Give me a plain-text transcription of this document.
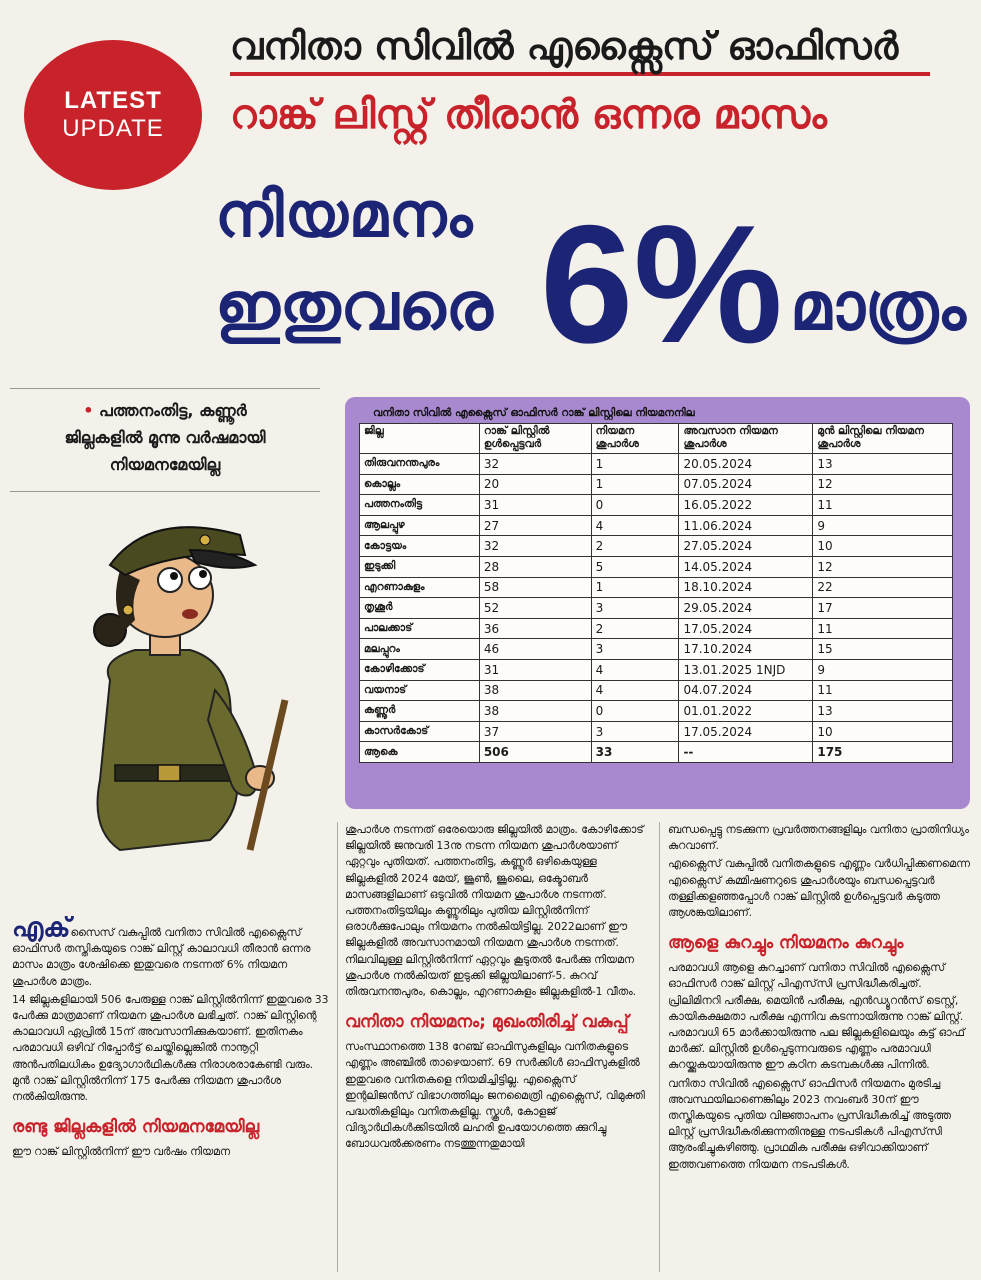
LATEST
UPDATE
വനിതാ സിവിൽ എക്സൈസ് ഓഫിസർ
റാങ്ക് ലിസ്റ്റ് തീരാൻ ഒന്നര മാസം
നിയമനം
ഇതുവരെ 6% മാത്രം
• പത്തനംതിട്ട, കണ്ണൂർ
ജില്ലകളിൽ മൂന്നു വർഷമായി
നിയമനമേയില്ല
വനിതാ സിവിൽ എക്സൈസ് ഓഫിസർ റാങ്ക് ലിസ്റ്റിലെ നിയമനനില
ജില്ല	റാങ്ക് ലിസ്റ്റിൽ ഉൾപ്പെട്ടവർ	നിയമന ശുപാർശ	അവസാന നിയമന ശുപാർശ	മുൻ ലിസ്റ്റിലെ നിയമന ശുപാർശ
തിരുവനന്തപുരം	32	1	20.05.2024	13
കൊല്ലം	20	1	07.05.2024	12
പത്തനംതിട്ട	31	0	16.05.2022	11
ആലപ്പുഴ	27	4	11.06.2024	9
കോട്ടയം	32	2	27.05.2024	10
ഇടുക്കി	28	5	14.05.2024	12
എറണാകുളം	58	1	18.10.2024	22
തൃശൂർ	52	3	29.05.2024	17
പാലക്കാട്	36	2	17.05.2024	11
മലപ്പുറം	46	3	17.10.2024	15
കോഴിക്കോട്	31	4	13.01.2025 1NJD	9
വയനാട്	38	4	04.07.2024	11
കണ്ണൂർ	38	0	01.01.2022	13
കാസർകോട്	37	3	17.05.2024	10
ആകെ	506	33	--	175

എക്സൈസ് വകുപ്പിൽ വനിതാ സിവിൽ എക്സൈസ് ഓഫിസർ തസ്തികയുടെ റാങ്ക് ലിസ്റ്റ് കാലാവധി തീരാൻ ഒന്നര മാസം മാത്രം ശേഷിക്കെ ഇതുവരെ നടന്നത് 6% നിയമന ശുപാർശ മാത്രം.

14 ജില്ലകളിലായി 506 പേരുള്ള റാങ്ക് ലിസ്റ്റിൽനിന്ന് ഇതുവരെ 33 പേർക്കു മാത്രമാണ് നിയമന ശുപാർശ ലഭിച്ചത്. റാങ്ക് ലിസ്റ്റിന്റെ കാലാവധി ഏപ്രിൽ 15ന് അവസാനിക്കുകയാണ്. ഇതിനകം പരമാവധി ഒഴിവ് റിപ്പോർട്ട് ചെയ്തില്ലെങ്കിൽ നാനൂറ്റി അൻപതിലധികം ഉദ്യോഗാർഥികൾക്കു നിരാശരാകേണ്ടി വരും. മുൻ റാങ്ക് ലിസ്റ്റിൽനിന്ന് 175 പേർക്കു നിയമന ശുപാർശ നൽകിയിരുന്നു.

രണ്ടു ജില്ലകളിൽ നിയമനമേയില്ല

ഈ റാങ്ക് ലിസ്റ്റിൽനിന്ന് ഈ വർഷം നിയമന

ശുപാർശ നടന്നത് ഒരേയൊരു ജില്ലയിൽ മാത്രം. കോഴിക്കോട് ജില്ലയിൽ ജനുവരി 13നു നടന്ന നിയമന ശുപാർശയാണ് ഏറ്റവും പുതിയത്. പത്തനംതിട്ട, കണ്ണൂർ ഒഴികെയുള്ള ജില്ലകളിൽ 2024 മേയ്, ജൂൺ, ജൂലൈ, ഒക്ടോബർ മാസങ്ങളിലാണ് ഒടുവിൽ നിയമന ശുപാർശ നടന്നത്. പത്തനംതിട്ടയിലും കണ്ണൂരിലും പുതിയ ലിസ്റ്റിൽനിന്ന് ഒരാൾക്കുപോലും നിയമനം നൽകിയിട്ടില്ല. 2022ലാണ് ഈ ജില്ലകളിൽ അവസാനമായി നിയമന ശുപാർശ നടന്നത്. നിലവിലുള്ള ലിസ്റ്റിൽനിന്ന് ഏറ്റവും കൂടുതൽ പേർക്കു നിയമന ശുപാർശ നൽകിയത് ഇടുക്കി ജില്ലയിലാണ്-5. കുറവ് തിരുവനന്തപുരം, കൊല്ലം, എറണാകുളം ജില്ലകളിൽ-1 വീതം.

വനിതാ നിയമനം; മുഖംതിരിച്ച് വകുപ്പ്

സംസ്ഥാനത്തെ 138 റേഞ്ച് ഓഫിസുകളിലും വനിതകളുടെ എണ്ണം അഞ്ചിൽ താഴെയാണ്. 69 സർക്കിൾ ഓഫിസുകളിൽ ഇതുവരെ വനിതകളെ നിയമിച്ചിട്ടില്ല. എക്സൈസ് ഇന്റലിജൻസ് വിഭാഗത്തിലും ജനമൈത്രി എക്സൈസ്, വിമുക്തി പദ്ധതികളിലും വനിതകളില്ല. സ്കൂൾ, കോളജ് വിദ്യാർഥികൾക്കിടയിൽ ലഹരി ഉപയോഗത്തെ ക്കുറിച്ചു ബോധവൽക്കരണം നടത്തുന്നതുമായി

ബന്ധപ്പെട്ടു നടക്കുന്ന പ്രവർത്തനങ്ങളിലും വനിതാ പ്രാതിനിധ്യം കുറവാണ്.

എക്സൈസ് വകുപ്പിൽ വനിതകളുടെ എണ്ണം വർധിപ്പിക്കണമെന്ന എക്സൈസ് കമ്മിഷണറുടെ ശുപാർശയും ബന്ധപ്പെട്ടവർ തള്ളിക്കളഞ്ഞപ്പോൾ റാങ്ക് ലിസ്റ്റിൽ ഉൾപ്പെട്ടവർ കടുത്ത ആശങ്കയിലാണ്.

ആളെ കുറച്ചും നിയമനം കുറച്ചും

പരമാവധി ആളെ കുറച്ചാണ് വനിതാ സിവിൽ എക്സൈസ് ഓഫിസർ റാങ്ക് ലിസ്റ്റ് പിഎസ്‌സി പ്രസിദ്ധീകരിച്ചത്. പ്രിലിമിനറി പരീക്ഷ, മെയിൻ പരീക്ഷ, എൻഡ്യൂറൻസ് ടെസ്റ്റ്, കായികക്ഷമതാ പരീക്ഷ എന്നിവ കടന്നായിരുന്നു റാങ്ക് ലിസ്റ്റ്. പരമാവധി 65 മാർക്കായിരുന്നു പല ജില്ലകളിലെയും കട്ട് ഓഫ് മാർക്ക്. ലിസ്റ്റിൽ ഉൾപ്പെടുന്നവരുടെ എണ്ണം പരമാവധി കുറയ്ക്കുകയായിരുന്നു ഈ കഠിന കടമ്പകൾക്കു പിന്നിൽ.

വനിതാ സിവിൽ എക്സൈസ് ഓഫിസർ നിയമനം മുരടിച്ച അവസ്ഥയിലാണെങ്കിലും 2023 നവംബർ 30ന് ഈ തസ്തികയുടെ പുതിയ വിജ്ഞാപനം പ്രസിദ്ധീകരിച്ച് അടുത്ത ലിസ്റ്റ് പ്രസിദ്ധീകരിക്കുന്നതിനുള്ള നടപടികൾ പിഎസ്‌സി ആരംഭിച്ചുകഴിഞ്ഞു. പ്രാഥമിക പരീക്ഷ ഒഴിവാക്കിയാണ് ഇത്തവണത്തെ നിയമന നടപടികൾ.
